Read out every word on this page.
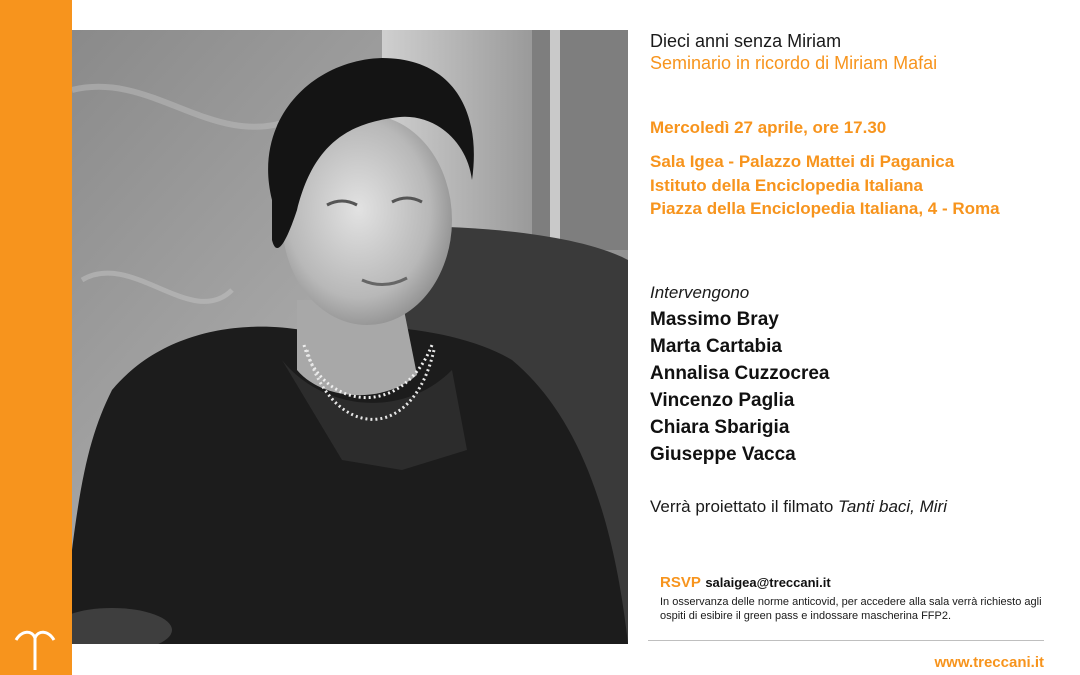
Dieci anni senza Miriam

Seminario in ricordo di Miriam Mafai

Mercoledì 27 aprile, ore 17.30
Sala Igea - Palazzo Mattei di Paganica
Istituto della Enciclopedia Italiana
Piazza della Enciclopedia Italiana, 4 - Roma
Intervengono
Massimo Bray
Marta Cartabia
Annalisa Cuzzocrea
Vincenzo Paglia
Chiara Sbarigia
Giuseppe Vacca
Verrà proiettato il filmato Tanti baci, Miri
RSVP salaigea@treccani.it
In osservanza delle norme anticovid, per accedere alla sala verrà richiesto agli ospiti di esibire il green pass e indossare mascherina FFP2.
www.treccani.it
